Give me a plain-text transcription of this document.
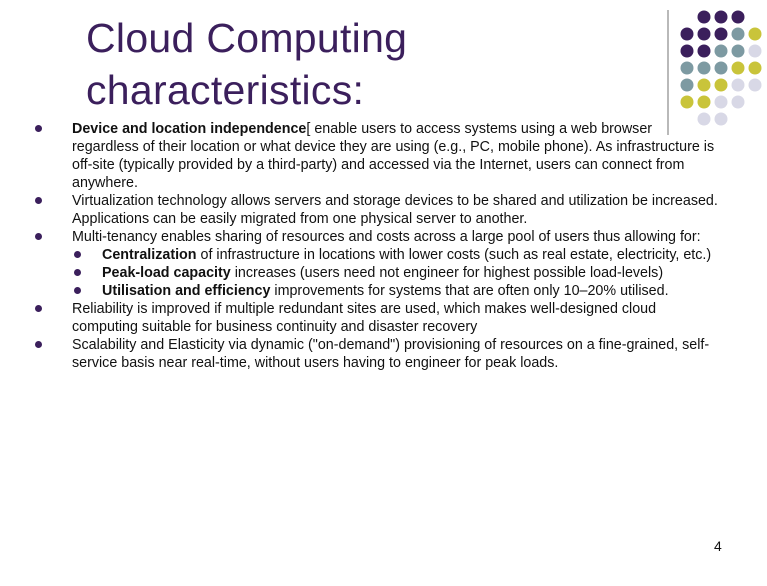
Cloud Computing
characteristics:
Device and location independence[ enable users to access systems using a web browser regardless of their location or what device they are using (e.g., PC, mobile phone). As infrastructure is off-site (typically provided by a third-party) and accessed via the Internet, users can connect from anywhere.
Virtualization technology allows servers and storage devices to be shared and utilization be increased. Applications can be easily migrated from one physical server to another.
Multi-tenancy enables sharing of resources and costs across a large pool of users thus allowing for:
Centralization of infrastructure in locations with lower costs (such as real estate, electricity, etc.)
Peak-load capacity increases (users need not engineer for highest possible load-levels)
Utilisation and efficiency improvements for systems that are often only 10–20% utilised.
Reliability is improved if multiple redundant sites are used, which makes well-designed cloud computing suitable for business continuity and disaster recovery
Scalability and Elasticity via dynamic ("on-demand") provisioning of resources on a fine-grained, self-service basis near real-time, without users having to engineer for peak loads.
4
